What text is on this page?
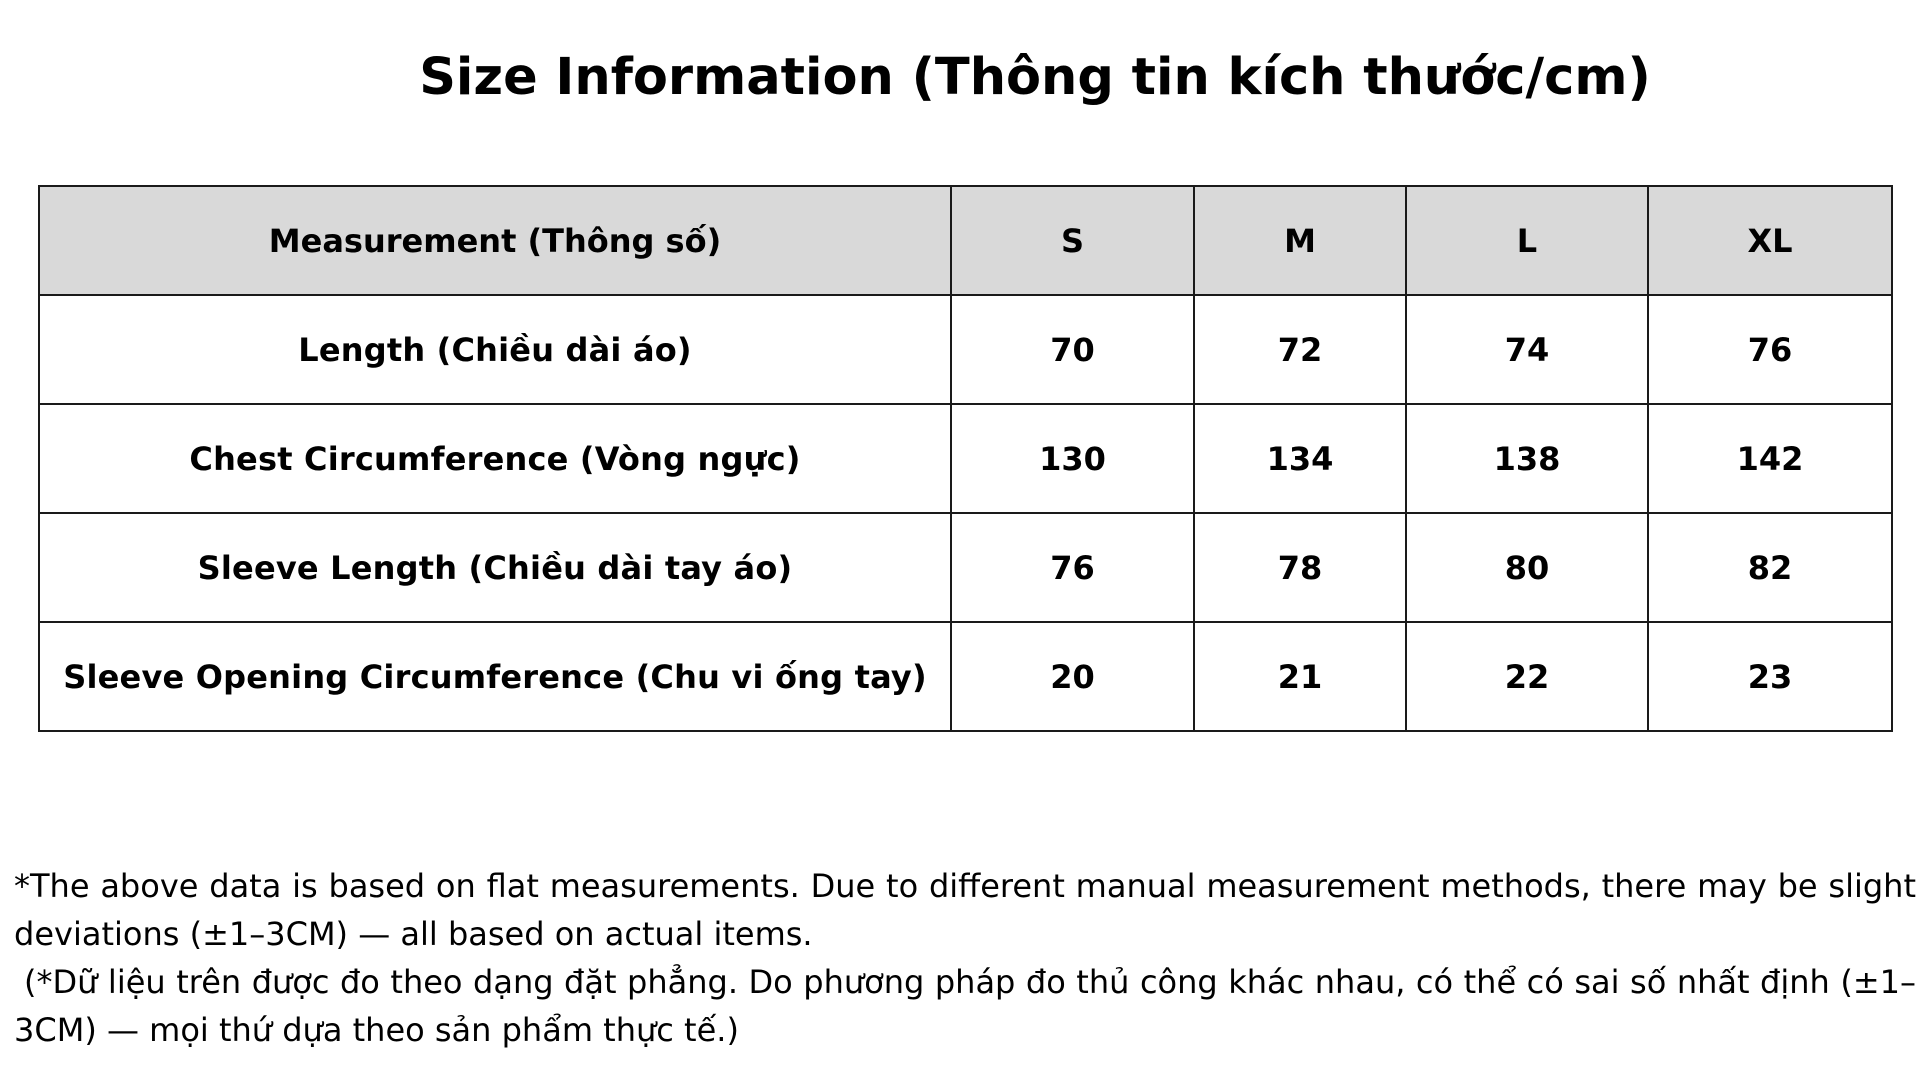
Size Information (Thông tin kích thước/cm)
Measurement (Thông số)	S	M	L	XL
Length (Chiều dài áo)	70	72	74	76
Chest Circumference (Vòng ngực)	130	134	138	142
Sleeve Length (Chiều dài tay áo)	76	78	80	82
Sleeve Opening Circumference (Chu vi ống tay)	20	21	22	23

*The above data is based on flat measurements. Due to different manual measurement methods, there may be slight deviations (±1–3CM) — all based on actual items.

(*Dữ liệu trên được đo theo dạng đặt phẳng. Do phương pháp đo thủ công khác nhau, có thể có sai số nhất định (±1–3CM) — mọi thứ dựa theo sản phẩm thực tế.)
